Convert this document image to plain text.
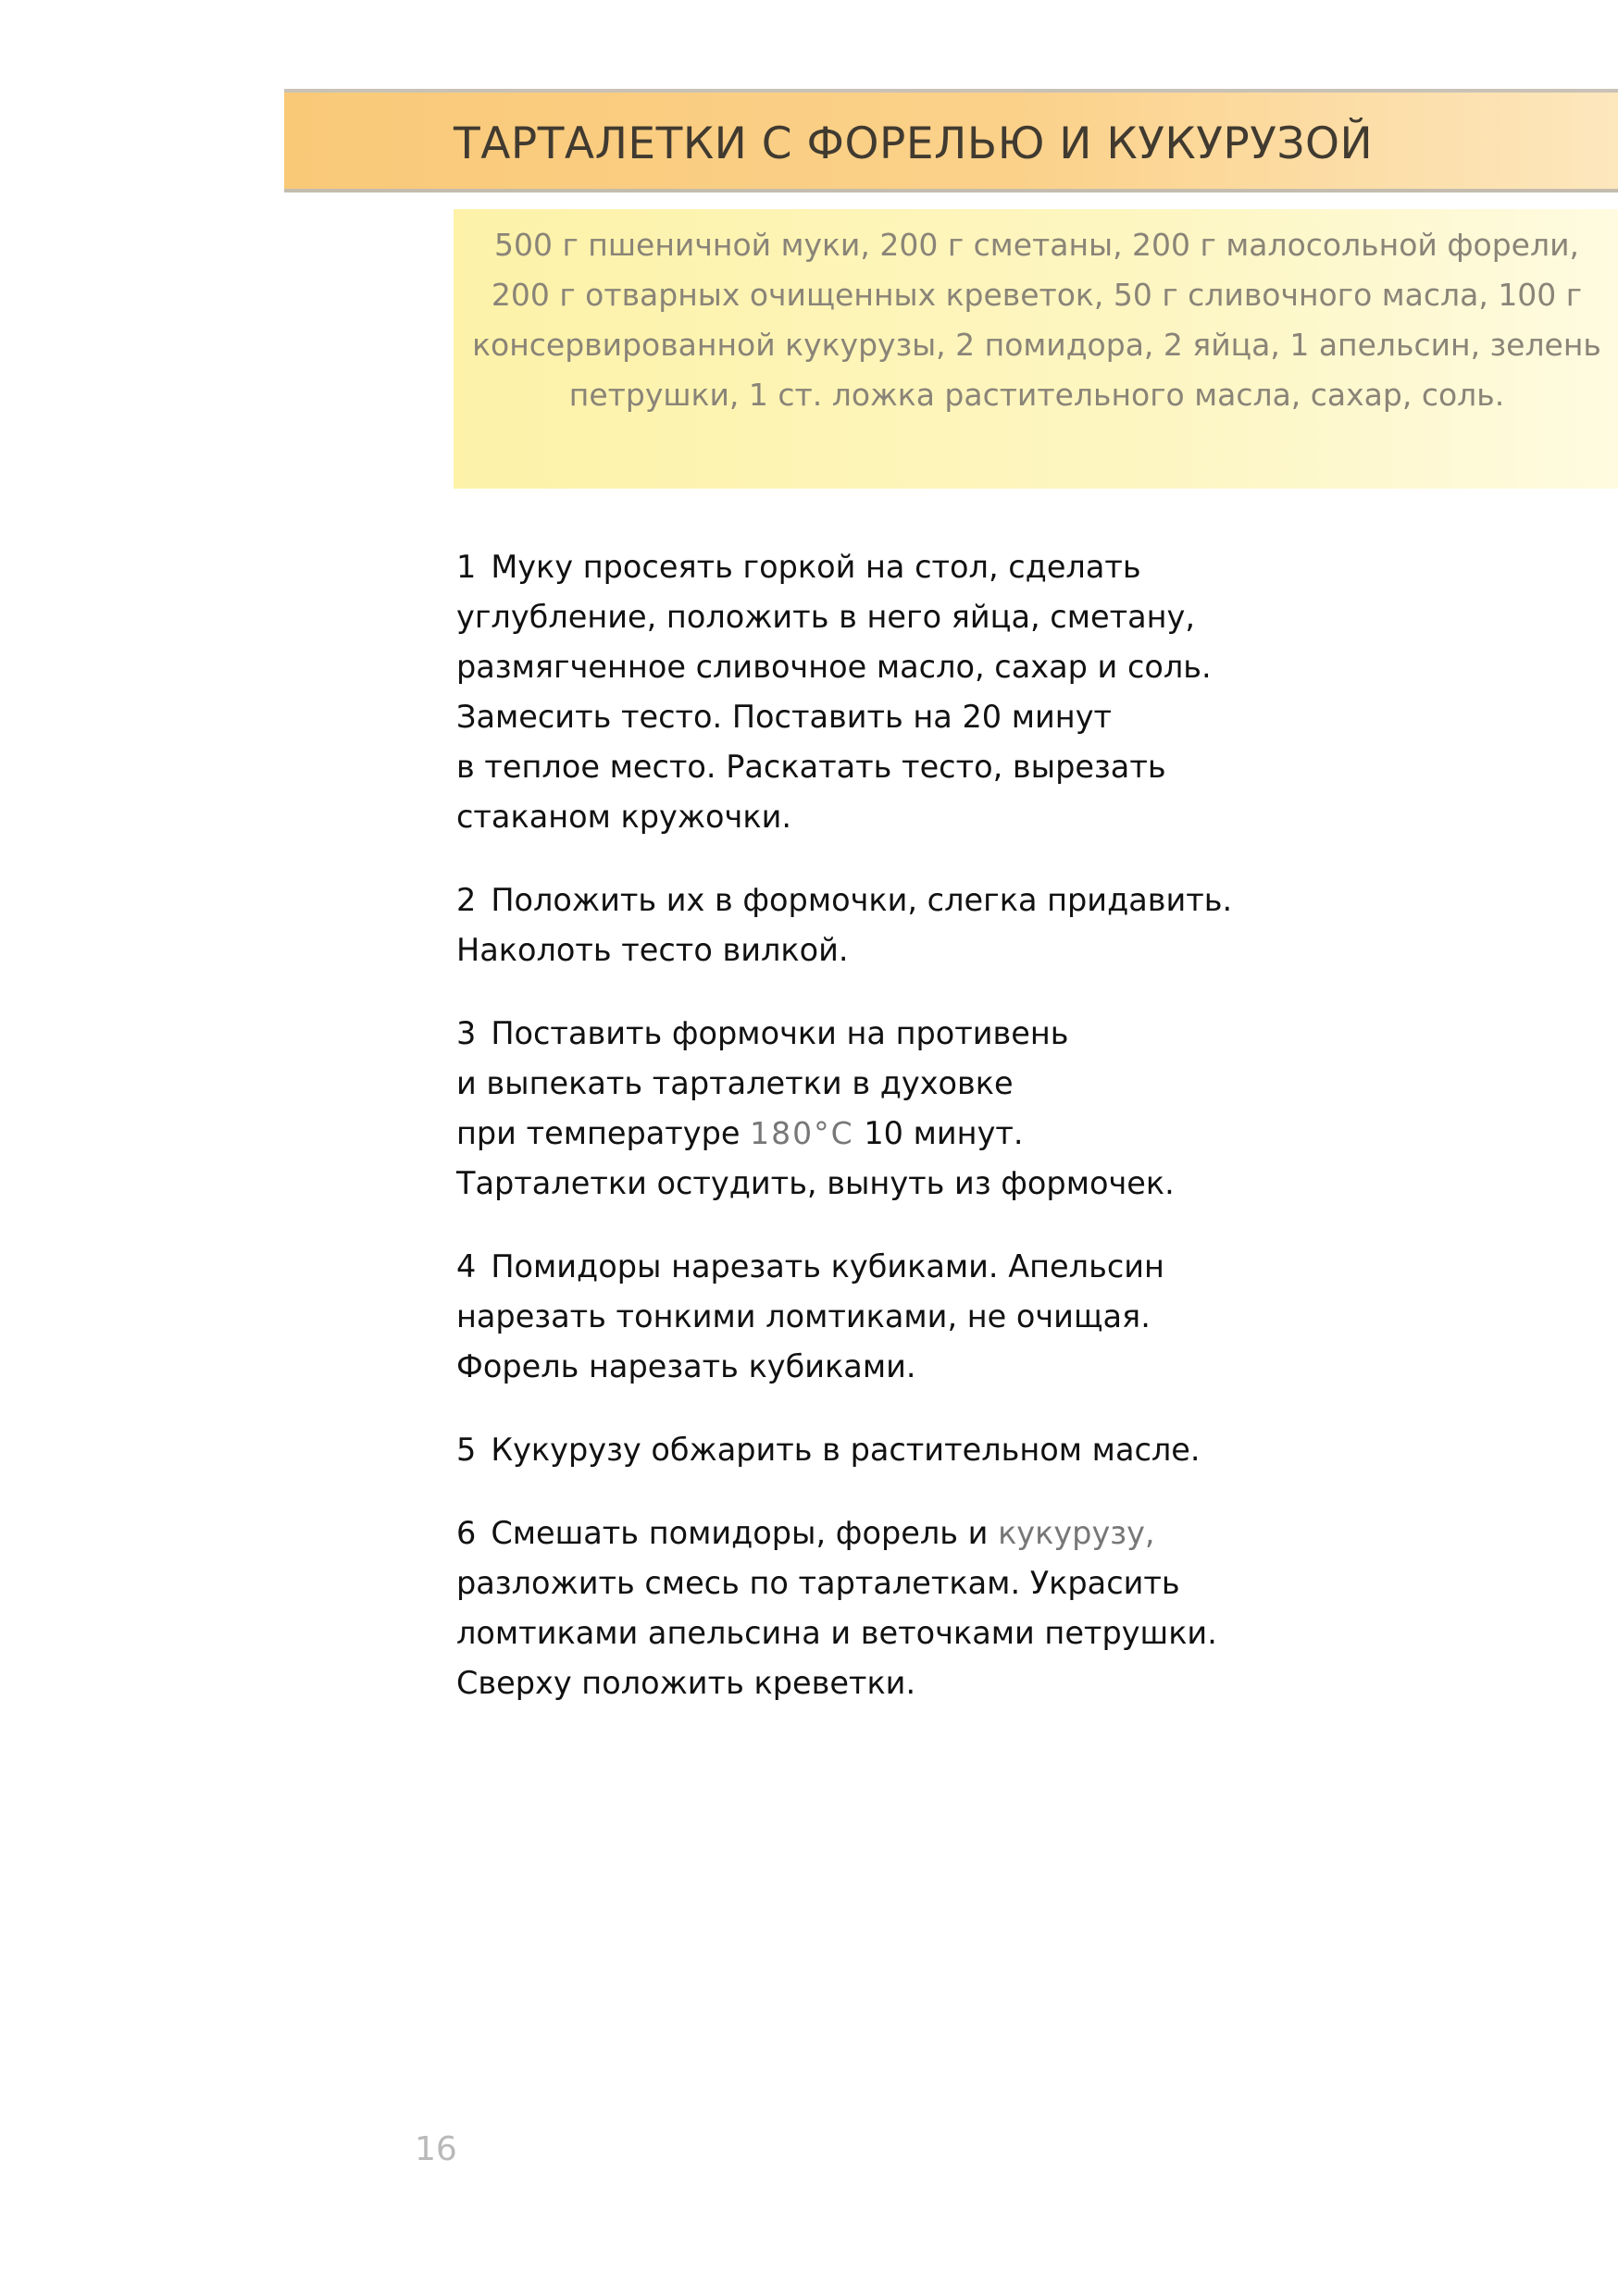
ТАРТАЛЕТКИ С ФОРЕЛЬЮ И КУКУРУЗОЙ

500 г пшеничной муки, 200 г сметаны, 200 г малосольной форели, 200 г отварных очищенных креветок, 50 г сливочного масла, 100 г консервированной кукурузы, 2 помидора, 2 яйца, 1 апельсин, зелень петрушки, 1 ст. ложка растительного масла, сахар, соль.

1 Муку просеять горкой на стол, сделать
углубление, положить в него яйца, сметану,
размягченное сливочное масло, сахар и соль.
Замесить тесто. Поставить на 20 минут
в теплое место. Раскатать тесто, вырезать
стаканом кружочки.
2 Положить их в формочки, слегка придавить.
Наколоть тесто вилкой.
3 Поставить формочки на противень
и выпекать тарталетки в духовке
при температуре 180°С 10 минут.
Тарталетки остудить, вынуть из формочек.
4 Помидоры нарезать кубиками. Апельсин
нарезать тонкими ломтиками, не очищая.
Форель нарезать кубиками.
5 Кукурузу обжарить в растительном масле.
6 Смешать помидоры, форель и кукурузу,
разложить смесь по тарталеткам. Украсить
ломтиками апельсина и веточками петрушки.
Сверху положить креветки.
16
